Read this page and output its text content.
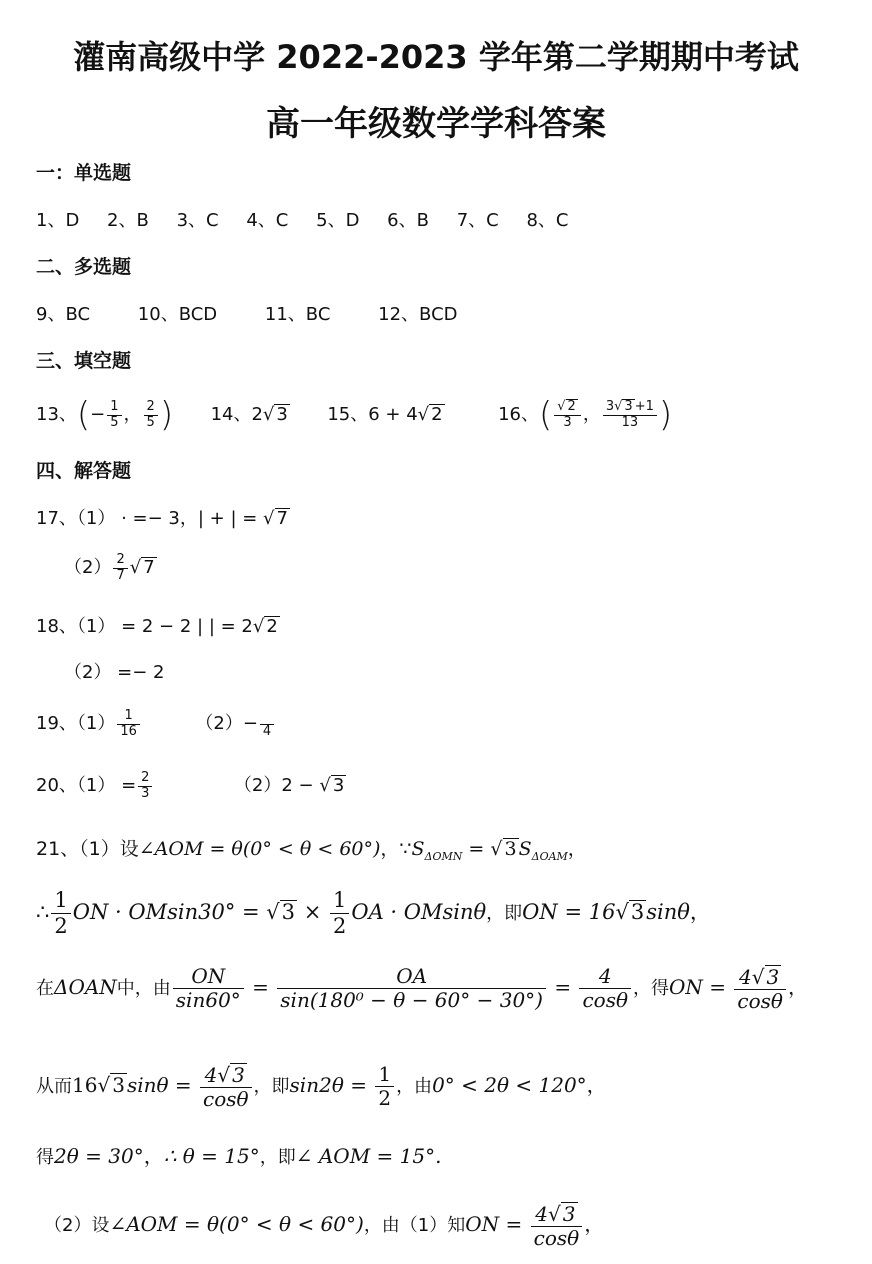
灌南高级中学 2022-2023 学年第二学期期中考试
高一年级数学学科答案
一：单选题
1、D 2、B 3、C 4、C 5、D 6、B 7、C 8、C
二、多选题
9、BC	10、BCD	11、BC	12、BCD
三、填空题
13、(− $\frac{1}{5}$ ， $\frac{2}{5}$ ) 14、2√ 3 15、6 + 4√ 2	16、( $\frac{√ 2}{3}$ ， $\frac{3√ 3 +1}{13}$ )
四、解答题
17、（1） · =− 3，| + | = √ 7
$(2) \frac{2}{7}$ √ 7
18、（1） = 2 − 2 | | = 2√ 2
（2） =− 2
19、$(1) \frac{1}{16}$	（2）−
4
20、$(1) = \frac{2}{3}$	（2）2 − √ 3
21、（1）设∠AOM = θ(0° < θ < 60°)，$\because S_{\Delta OMN}$ = √ 3 $S_{\Delta OAM}$，
∴ $\frac{1}{2}$ ON · $OMsin30^\circ = √3 \times \frac{1}{2}$ OA · OMsinθ，即ON = 16√3sinθ，
在ΔOAN中，由 $\frac{ON}{\sin 60^\circ} = \frac{OA}{\text{sin(180⁰ − θ − 60° − 30°)}} = \frac{4}{\cos\theta}$ ，得ON = $\frac{4√ 3}{\cos\theta}$ ，
从而16√ 3 $\sin\theta = \frac{4√ 3}{\cos\theta}$ ，即$\sin 2\theta = \frac{1}{2}$ ，由0° < 2θ < 120°，
得2θ = 30°，∴ θ = 15°，即∠ AOM = 15°.
（2）设∠AOM = θ(0° < θ < 60°)，由（1）知ON = $\frac{4√ 3}{\cos\theta}$ ，
